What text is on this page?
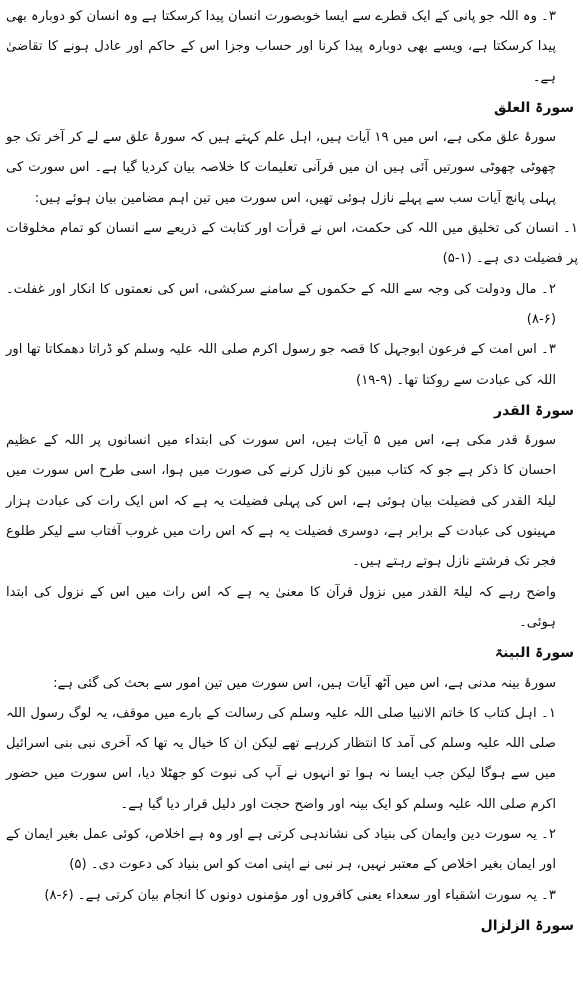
۳۔ وہ اللہ جو پانی کے ایک قطرے سے ایسا خوبصورت انسان پیدا کرسکتا ہے وہ انسان کو دوبارہ بھی پیدا کرسکتا ہے، ویسے بھی دوبارہ پیدا کرنا اور حساب وجزا اس کے حاکم اور عادل ہونے کا تقاضیٰ ہے۔

سورۃ العلق

سورۂ علق مکی ہے، اس میں ۱۹ آیات ہیں، اہل علم کہتے ہیں کہ سورۂ علق سے لے کر آخر تک جو چھوٹی چھوٹی سورتیں آئی ہیں ان میں قرآنی تعلیمات کا خلاصہ بیان کردیا گیا ہے۔ اس سورت کی پہلی پانچ آیات سب سے پہلے نازل ہوئی تھیں، اس سورت میں تین اہم مضامین بیان ہوئے ہیں:

۱۔ انسان کی تخلیق میں اللہ کی حکمت، اس نے قرأت اور کتابت کے ذریعے سے انسان کو تمام مخلوقات پر فضیلت دی ہے۔ (۱-۵)

۲۔ مال ودولت کی وجہ سے اللہ کے حکموں کے سامنے سرکشی، اس کی نعمتوں کا انکار اور غفلت۔ (۶-۸)

۳۔ اس امت کے فرعون ابوجہل کا قصہ جو رسول اکرم صلی اللہ علیہ وسلم کو ڈراتا دھمکاتا تھا اور اللہ کی عبادت سے روکتا تھا۔ (۹-۱۹)

سورۃ القدر

سورۂ قدر مکی ہے، اس میں ۵ آیات ہیں، اس سورت کی ابتداء میں انسانوں پر اللہ کے عظیم احسان کا ذکر ہے جو کہ کتاب مبین کو نازل کرنے کی صورت میں ہوا، اسی طرح اس سورت میں لیلۃ القدر کی فضیلت بیان ہوئی ہے، اس کی پہلی فضیلت یہ ہے کہ اس ایک رات کی عبادت ہزار مہینوں کی عبادت کے برابر ہے، دوسری فضیلت یہ ہے کہ اس رات میں غروب آفتاب سے لیکر طلوع فجر تک فرشتے نازل ہوتے رہتے ہیں۔

واضح رہے کہ لیلۃ القدر میں نزول قرآن کا معنیٰ یہ ہے کہ اس رات میں اس کے نزول کی ابتدا ہوئی۔

سورۃ البینۃ

سورۂ بینہ مدنی ہے، اس میں آٹھ آیات ہیں، اس سورت میں تین امور سے بحث کی گئی ہے:

۱۔ اہل کتاب کا خاتم الانبیا صلی اللہ علیہ وسلم کی رسالت کے بارے میں موقف، یہ لوگ رسول اللہ صلی اللہ علیہ وسلم کی آمد کا انتظار کررہے تھے لیکن ان کا خیال یہ تھا کہ آخری نبی بنی اسرائیل میں سے ہوگا لیکن جب ایسا نہ ہوا تو انہوں نے آپ کی نبوت کو جھٹلا دیا، اس سورت میں حضور اکرم صلی اللہ علیہ وسلم کو ایک بینہ اور واضح حجت اور دلیل قرار دیا گیا ہے۔

۲۔ یہ سورت دین وایمان کی بنیاد کی نشاندہی کرتی ہے اور وہ ہے اخلاص، کوئی عمل بغیر ایمان کے اور ایمان بغیر اخلاص کے معتبر نہیں، ہر نبی نے اپنی امت کو اس بنیاد کی دعوت دی۔ (۵)

۳۔ یہ سورت اشقیاء اور سعداء یعنی کافروں اور مؤمنوں دونوں کا انجام بیان کرتی ہے۔ (۶-۸)

سورۃ الزلزال
